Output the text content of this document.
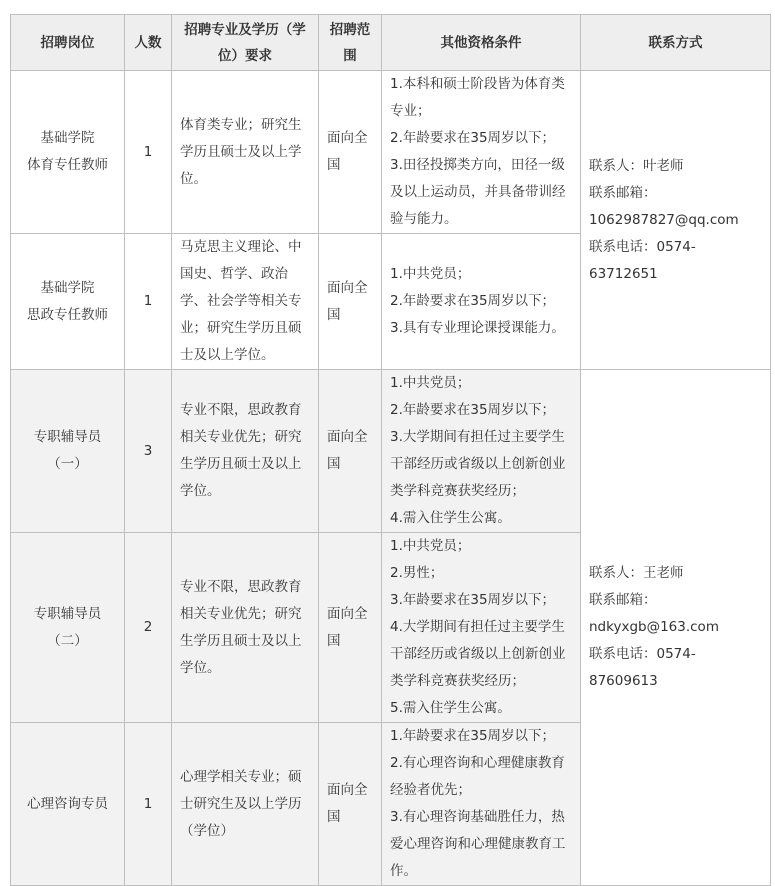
招聘岗位	人数	招聘专业及学历（学位）要求	招聘范围	其他资格条件	联系方式

基础学院
体育专任教师	1	体育类专业；研究生学历且硕士及以上学位。	面向全国	1.本科和硕士阶段皆为体育类专业；
2.年龄要求在35周岁以下；
3.田径投掷类方向，田径一级及以上运动员，并具备带训经验与能力。	联系人：叶老师
联系邮箱：
1062987827@qq.com
联系电话：0574-63712651

基础学院
思政专任教师	1	马克思主义理论、中国史、哲学、政治学、社会学等相关专业；研究生学历且硕士及以上学位。	面向全国	1.中共党员；
2.年龄要求在35周岁以下；
3.具有专业理论课授课能力。	

专职辅导员
（一）	3	专业不限，思政教育相关专业优先；研究生学历且硕士及以上学位。	面向全国	1.中共党员；
2.年龄要求在35周岁以下；
3.大学期间有担任过主要学生干部经历或省级以上创新创业类学科竞赛获奖经历；
4.需入住学生公寓。	联系人：王老师
联系邮箱：
ndkyxgb@163.com
联系电话：0574-87609613

专职辅导员
（二）	2	专业不限，思政教育相关专业优先；研究生学历且硕士及以上学位。	面向全国	1.中共党员；
2.男性；
3.年龄要求在35周岁以下；
4.大学期间有担任过主要学生干部经历或省级以上创新创业类学科竞赛获奖经历；
5.需入住学生公寓。	

心理咨询专员	1	心理学相关专业；硕士研究生及以上学历（学位）	面向全国	1.年龄要求在35周岁以下；
2.有心理咨询和心理健康教育经验者优先；
3.有心理咨询基础胜任力，热爱心理咨询和心理健康教育工作。	
